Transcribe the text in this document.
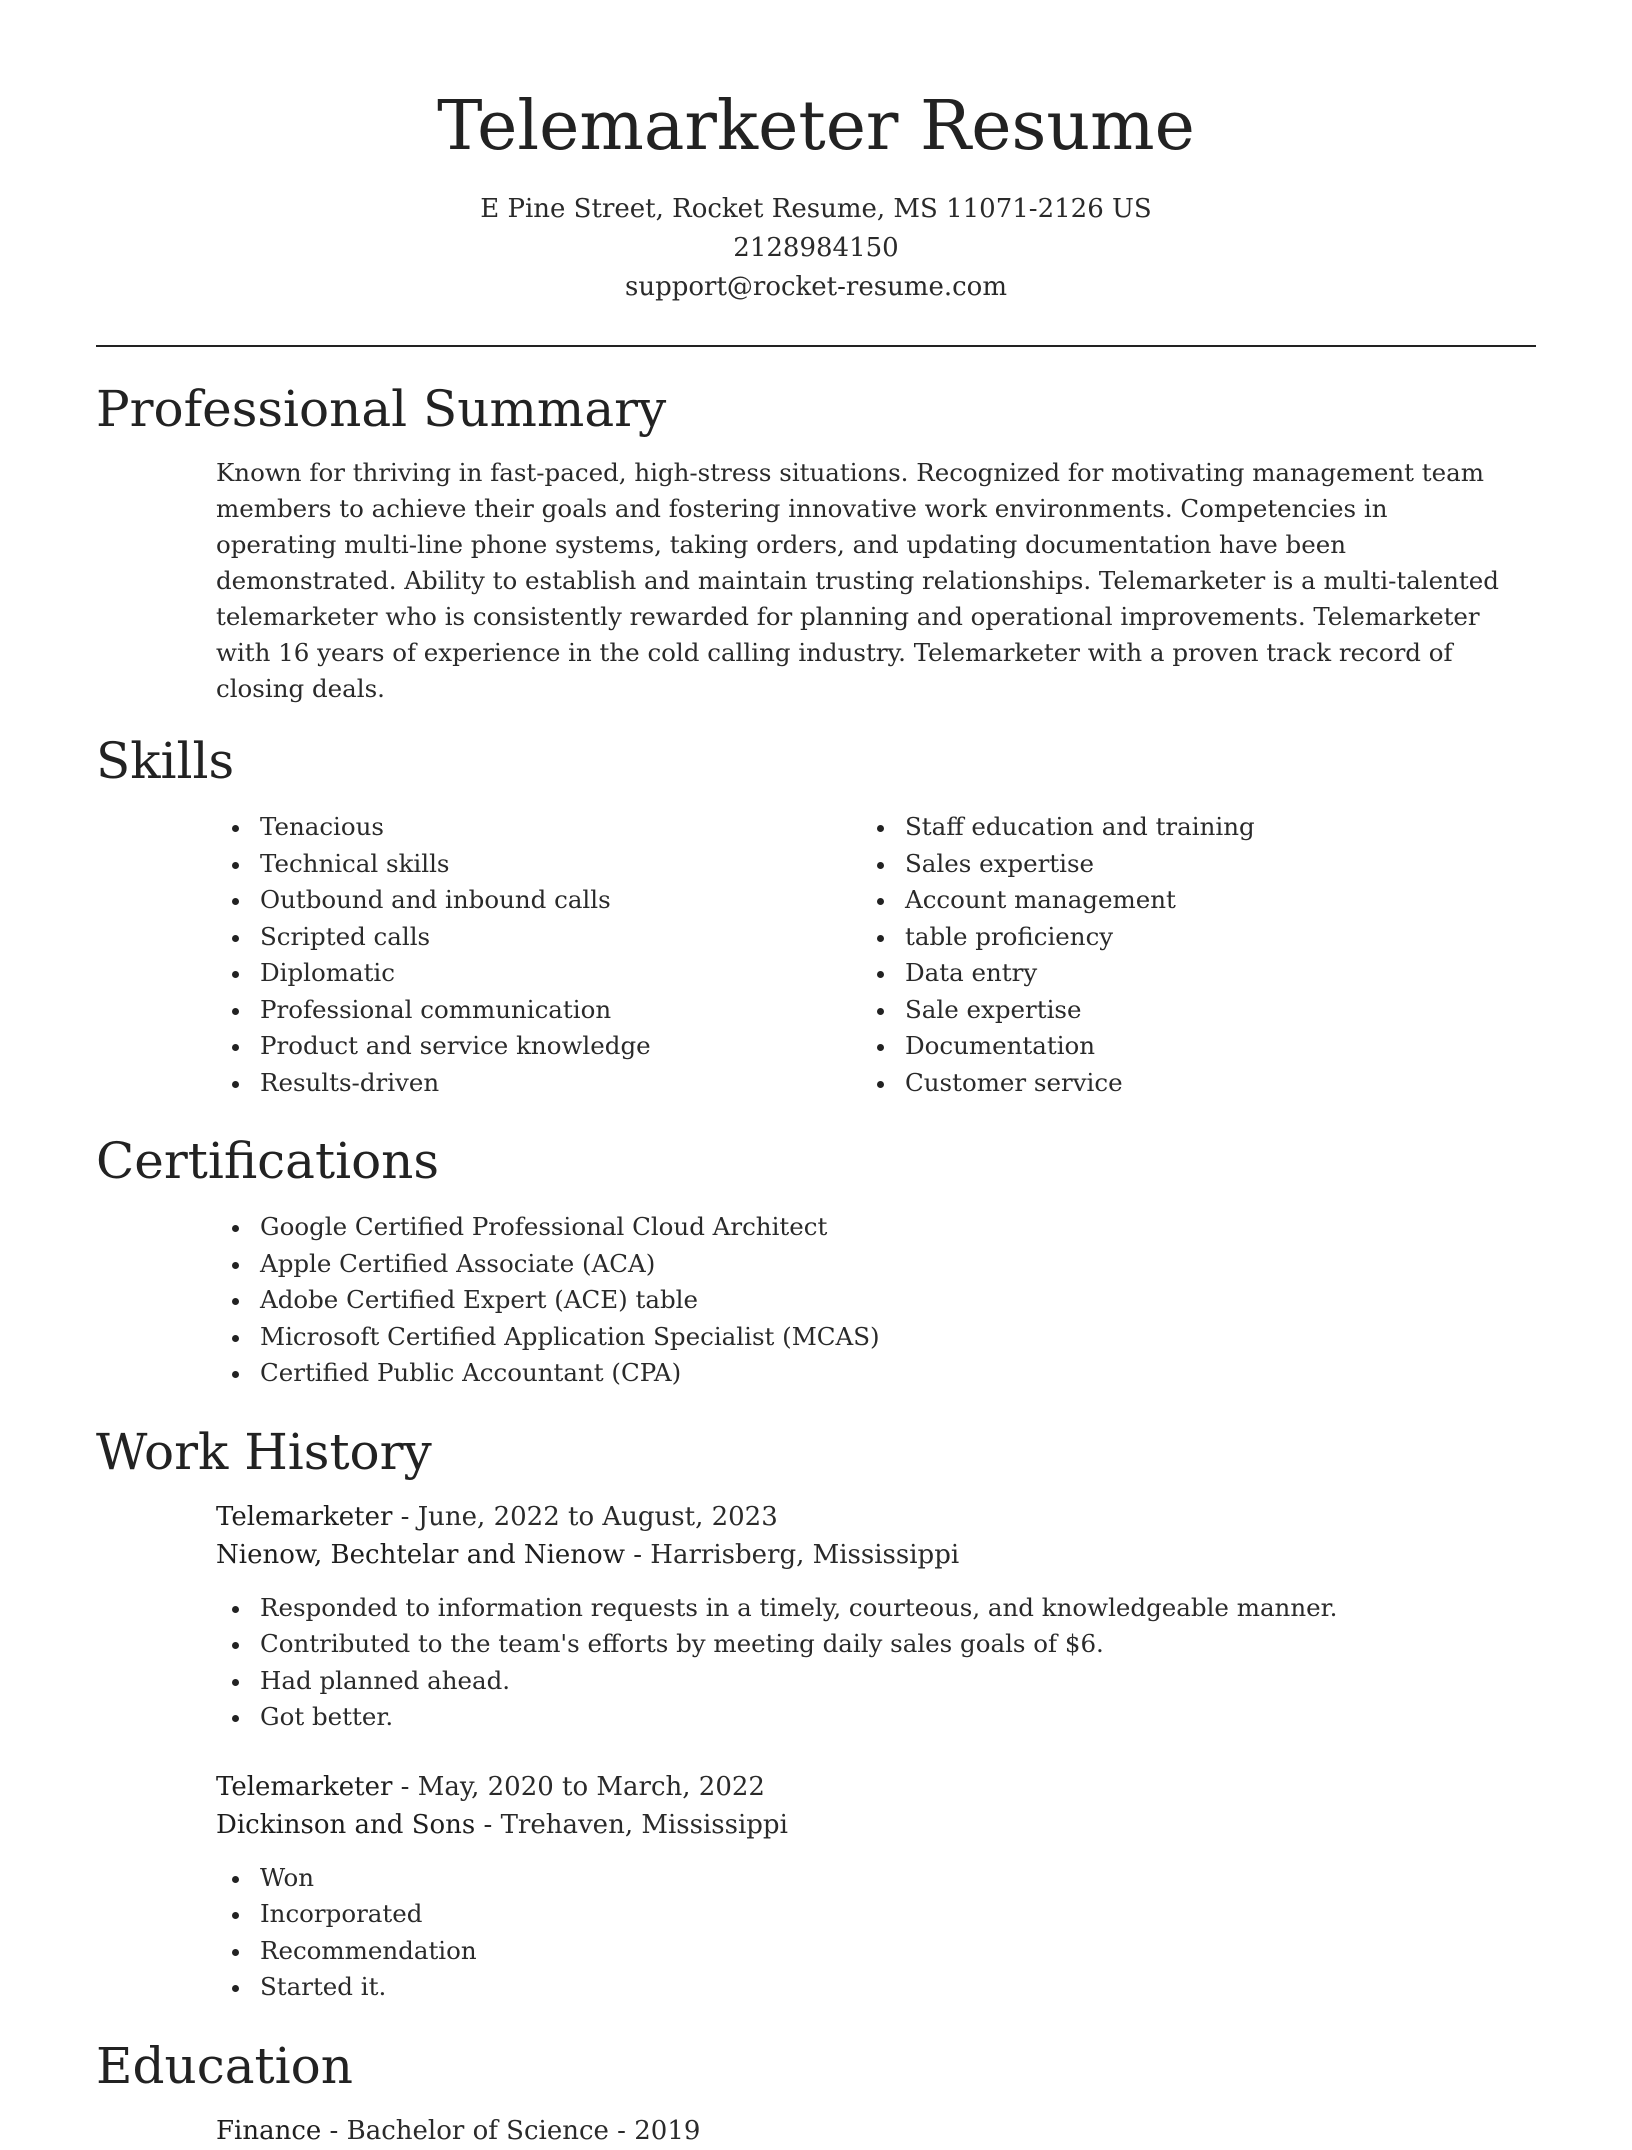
Telemarketer Resume

E Pine Street, Rocket Resume, MS 11071-2126 US

2128984150

support@rocket-resume.com

Professional Summary

Known for thriving in fast-paced, high-stress situations. Recognized for motivating management team members to achieve their goals and fostering innovative work environments. Competencies in operating multi-line phone systems, taking orders, and updating documentation have been demonstrated. Ability to establish and maintain trusting relationships. Telemarketer is a multi-talented telemarketer who is consistently rewarded for planning and operational improvements. Telemarketer with 16 years of experience in the cold calling industry. Telemarketer with a proven track record of closing deals.

Skills
Tenacious
Technical skills
Outbound and inbound calls
Scripted calls
Diplomatic
Professional communication
Product and service knowledge
Results-driven
Staff education and training
Sales expertise
Account management
table proficiency
Data entry
Sale expertise
Documentation
Customer service
Certifications
Google Certified Professional Cloud Architect
Apple Certified Associate (ACA)
Adobe Certified Expert (ACE) table
Microsoft Certified Application Specialist (MCAS)
Certified Public Accountant (CPA)
Work History

Telemarketer - June, 2022 to August, 2023

Nienow, Bechtelar and Nienow - Harrisberg, Mississippi

Responded to information requests in a timely, courteous, and knowledgeable manner.
Contributed to the team's efforts by meeting daily sales goals of $6.
Had planned ahead.
Got better.

Telemarketer - May, 2020 to March, 2022

Dickinson and Sons - Trehaven, Mississippi

Won
Incorporated
Recommendation
Started it.
Education

Finance - Bachelor of Science - 2019
